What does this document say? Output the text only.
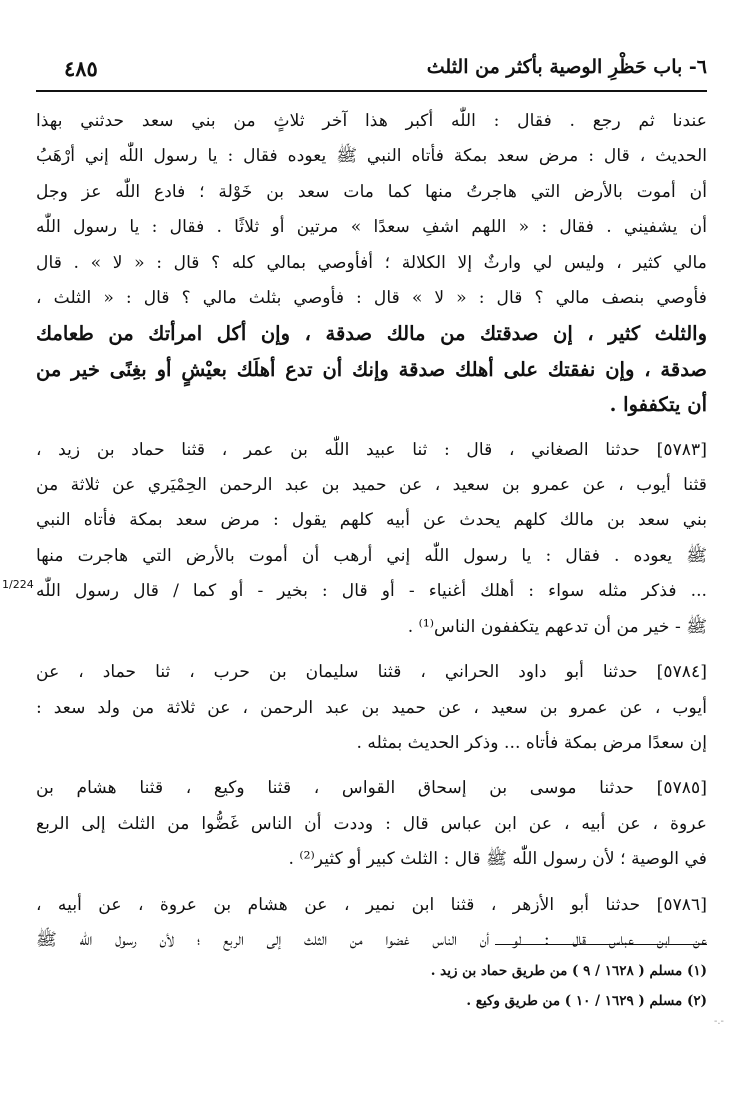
٦- باب حَظْرِ الوصية بأكثر من الثلث
٤٨٥
1/224
عندنا ثم رجع . فقال : اللّٰه أكبر هذا آخر ثلاثٍ من بني سعد حدثني بهذا
الحديث ، قال : مرض سعد بمكة فأتاه النبي ﷺ يعوده فقال : يا رسول اللّٰه إني أرْهَبُ
أن أموت بالأرض التي هاجرتُ منها كما مات سعد بن خَوْلة ؛ فادع اللّٰه عز وجل
أن يشفيني . فقال : « اللهم اشفِ سعدًا » مرتين أو ثلاثًا . فقال : يا رسول اللّٰه
مالي كثير ، وليس لي وارثٌ إلا الكلالة ؛ أفأوصي بمالي كله ؟ قال : « لا » . قال
فأوصي بنصف مالي ؟ قال : « لا » قال : فأوصي بثلث مالي ؟ قال : « الثلث ،
والثلث كثير ، إن صدقتك من مالك صدقة ، وإن أكل امرأتك من طعامك
صدقة ، وإن نفقتك على أهلك صدقة وإنك أن تدع أهلَك بعيْشٍ أو بغِنًى خير من
أن يتكففوا .
[٥٧٨٣] حدثنا الصغاني ، قال : ثنا عبيد اللّٰه بن عمر ، قثنا حماد بن زيد ،
قثنا أيوب ، عن عمرو بن سعيد ، عن حميد بن عبد الرحمن الحِمْيَري عن ثلاثة من
بني سعد بن مالك كلهم يحدث عن أبيه كلهم يقول : مرض سعد بمكة فأتاه النبي
ﷺ يعوده . فقال : يا رسول اللّٰه إني أرهب أن أموت بالأرض التي هاجرت منها
... فذكر مثله سواء : أهلك أغنياء - أو قال : بخير - أو كما / قال رسول اللّٰه
ﷺ - خير من أن تدعهم يتكففون الناس⁽¹⁾ .
[٥٧٨٤] حدثنا أبو داود الحراني ، قثنا سليمان بن حرب ، ثنا حماد ، عن
أيوب ، عن عمرو بن سعيد ، عن حميد بن عبد الرحمن ، عن ثلاثة من ولد سعد :
إن سعدًا مرض بمكة فأتاه ... وذكر الحديث بمثله .
[٥٧٨٥] حدثنا موسى بن إسحاق القواس ، قثنا وكيع ، قثنا هشام بن
عروة ، عن أبيه ، عن ابن عباس قال : وددت أن الناس غَضُّوا من الثلث إلى الربع
في الوصية ؛ لأن رسول اللّٰه ﷺ قال : الثلث كبير أو كثير⁽²⁾ .
[٥٧٨٦] حدثنا أبو الأزهر ، قثنا ابن نمير ، عن هشام بن عروة ، عن أبيه ،
عن ابن عباس قال : لو أن الناس غضوا من الثلث إلى الربع ؛ لأن رسول اللّٰه ﷺ
(١) مسلم ( ١٦٢٨ / ٩ ) من طريق حماد بن زيد .
(٢) مسلم ( ١٦٢٩ / ١٠ ) من طريق وكيع .
-.-
